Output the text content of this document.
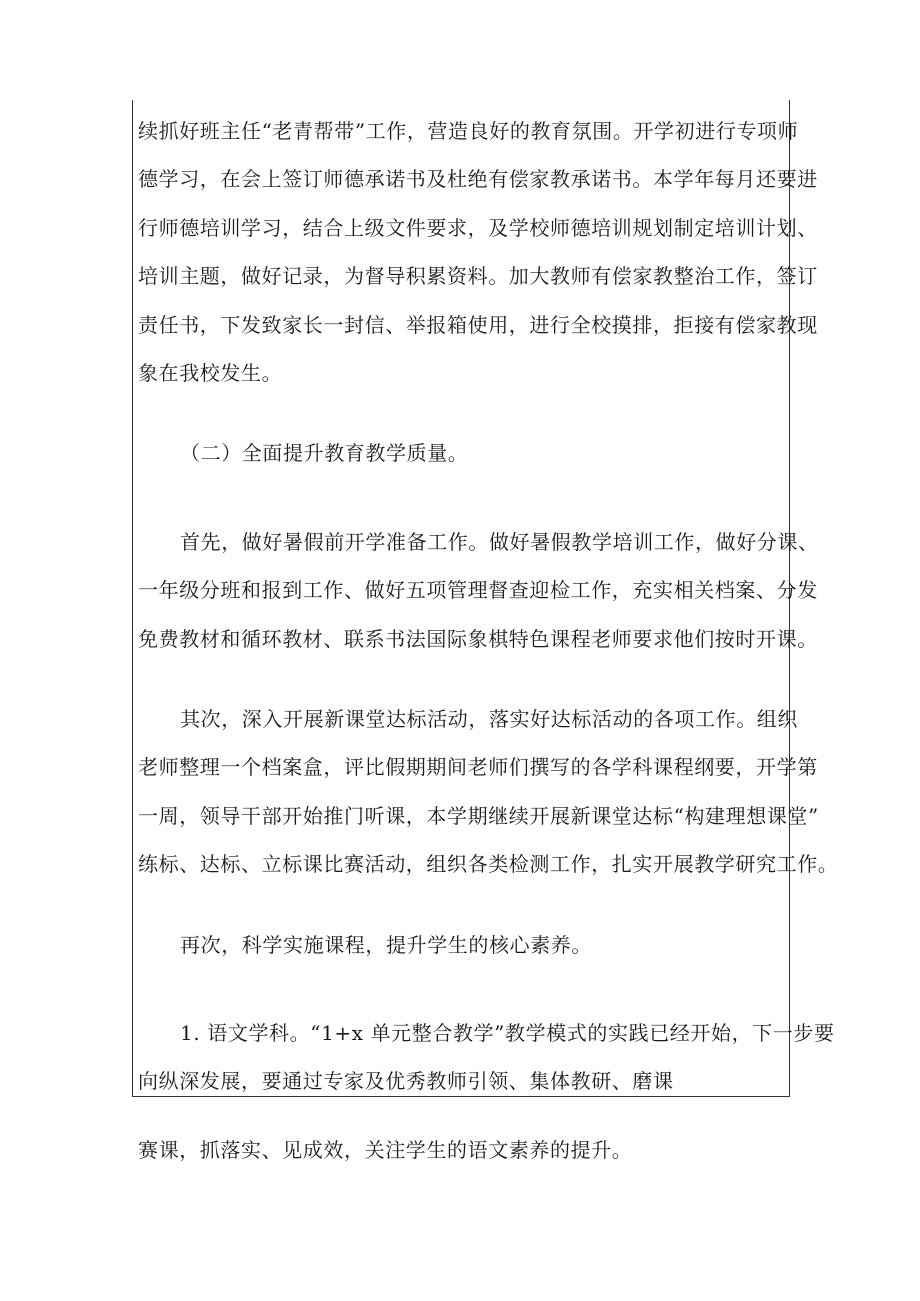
续抓好班主任“老青帮带”工作，营造良好的教育氛围。开学初进行专项师
德学习，在会上签订师德承诺书及杜绝有偿家教承诺书。本学年每月还要进
行师德培训学习，结合上级文件要求，及学校师德培训规划制定培训计划、
培训主题，做好记录，为督导积累资料。加大教师有偿家教整治工作，签订
责任书，下发致家长一封信、举报箱使用，进行全校摸排，拒接有偿家教现
象在我校发生。
（二）全面提升教育教学质量。
首先，做好暑假前开学准备工作。做好暑假教学培训工作，做好分课、
一年级分班和报到工作、做好五项管理督查迎检工作，充实相关档案、分发
免费教材和循环教材、联系书法国际象棋特色课程老师要求他们按时开课。
其次，深入开展新课堂达标活动，落实好达标活动的各项工作。组织
老师整理一个档案盒，评比假期期间老师们撰写的各学科课程纲要，开学第
一周，领导干部开始推门听课，本学期继续开展新课堂达标“构建理想课堂”
练标、达标、立标课比赛活动，组织各类检测工作，扎实开展教学研究工作。
再次，科学实施课程，提升学生的核心素养。
1. 语文学科。“1+x 单元整合教学”教学模式的实践已经开始，下一步要
向纵深发展，要通过专家及优秀教师引领、集体教研、磨课
赛课，抓落实、见成效，关注学生的语文素养的提升。
